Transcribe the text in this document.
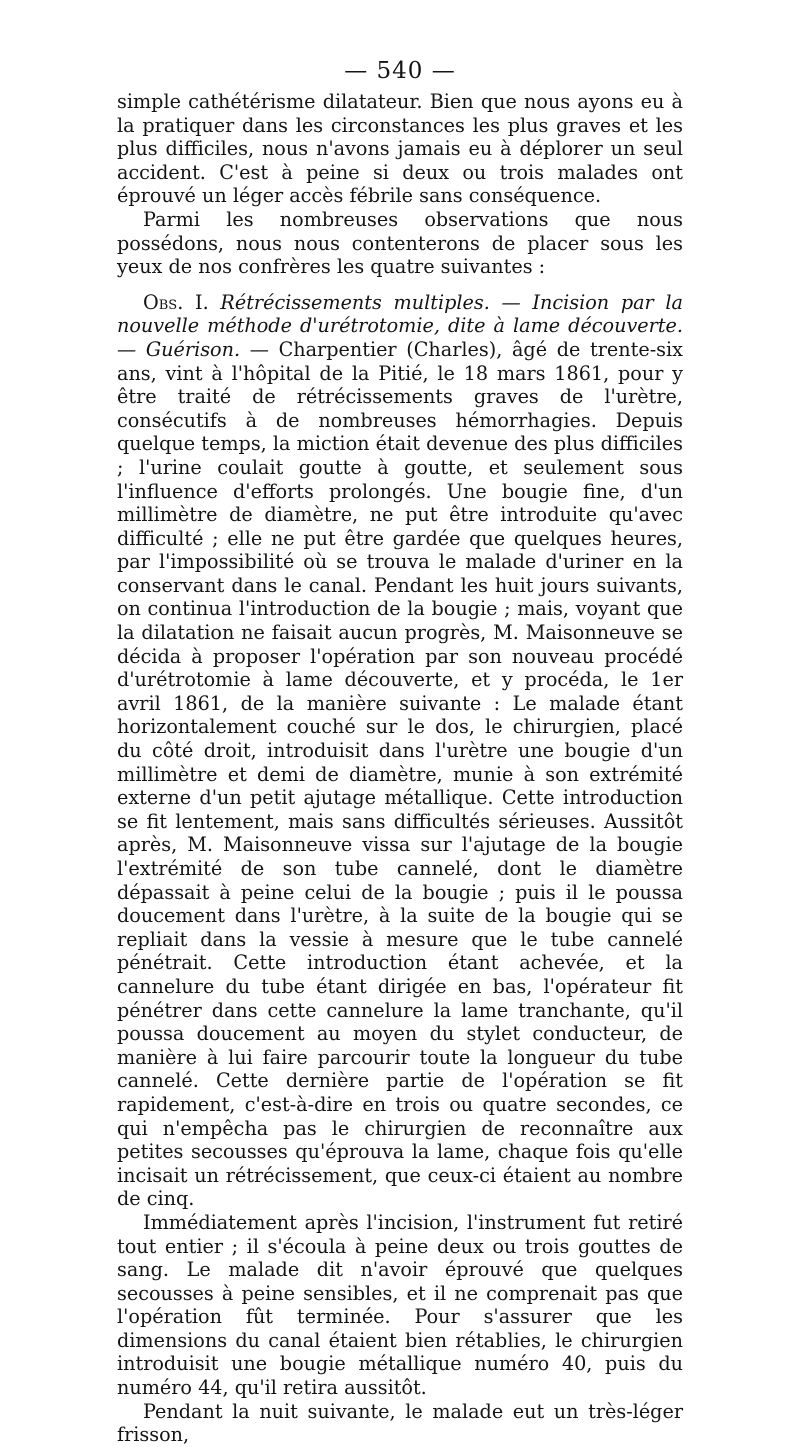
— 540 —

simple cathétérisme dilatateur. Bien que nous ayons eu à la pratiquer dans les circonstances les plus graves et les plus difficiles, nous n'avons jamais eu à déplorer un seul accident. C'est à peine si deux ou trois malades ont éprouvé un léger accès fébrile sans conséquence.

Parmi les nombreuses observations que nous possédons, nous nous contenterons de placer sous les yeux de nos confrères les quatre suivantes :

Obs. I. Rétrécissements multiples. — Incision par la nouvelle méthode d'urétrotomie, dite à lame découverte. — Guérison. — Charpentier (Charles), âgé de trente-six ans, vint à l'hôpital de la Pitié, le 18 mars 1861, pour y être traité de rétrécissements graves de l'urètre, consécutifs à de nombreuses hémorrhagies. Depuis quelque temps, la miction était devenue des plus difficiles ; l'urine coulait goutte à goutte, et seulement sous l'influence d'efforts prolongés. Une bougie fine, d'un millimètre de diamètre, ne put être introduite qu'avec difficulté ; elle ne put être gardée que quelques heures, par l'impossibilité où se trouva le malade d'uriner en la conservant dans le canal. Pendant les huit jours suivants, on continua l'introduction de la bougie ; mais, voyant que la dilatation ne faisait aucun progrès, M. Maisonneuve se décida à proposer l'opération par son nouveau procédé d'urétrotomie à lame découverte, et y procéda, le 1er avril 1861, de la manière suivante : Le malade étant horizontalement couché sur le dos, le chirurgien, placé du côté droit, introduisit dans l'urètre une bougie d'un millimètre et demi de diamètre, munie à son extrémité externe d'un petit ajutage métallique. Cette introduction se fit lentement, mais sans difficultés sérieuses. Aussitôt après, M. Maisonneuve vissa sur l'ajutage de la bougie l'extrémité de son tube cannelé, dont le diamètre dépassait à peine celui de la bougie ; puis il le poussa doucement dans l'urètre, à la suite de la bougie qui se repliait dans la vessie à mesure que le tube cannelé pénétrait. Cette introduction étant achevée, et la cannelure du tube étant dirigée en bas, l'opérateur fit pénétrer dans cette cannelure la lame tranchante, qu'il poussa doucement au moyen du stylet conducteur, de manière à lui faire parcourir toute la longueur du tube cannelé. Cette dernière partie de l'opération se fit rapidement, c'est-à-dire en trois ou quatre secondes, ce qui n'empêcha pas le chirurgien de reconnaître aux petites secousses qu'éprouva la lame, chaque fois qu'elle incisait un rétrécissement, que ceux-ci étaient au nombre de cinq.

Immédiatement après l'incision, l'instrument fut retiré tout entier ; il s'écoula à peine deux ou trois gouttes de sang. Le malade dit n'avoir éprouvé que quelques secousses à peine sensibles, et il ne comprenait pas que l'opération fût terminée. Pour s'assurer que les dimensions du canal étaient bien rétablies, le chirurgien introduisit une bougie métallique numéro 40, puis du numéro 44, qu'il retira aussitôt.

Pendant la nuit suivante, le malade eut un très-léger frisson,
